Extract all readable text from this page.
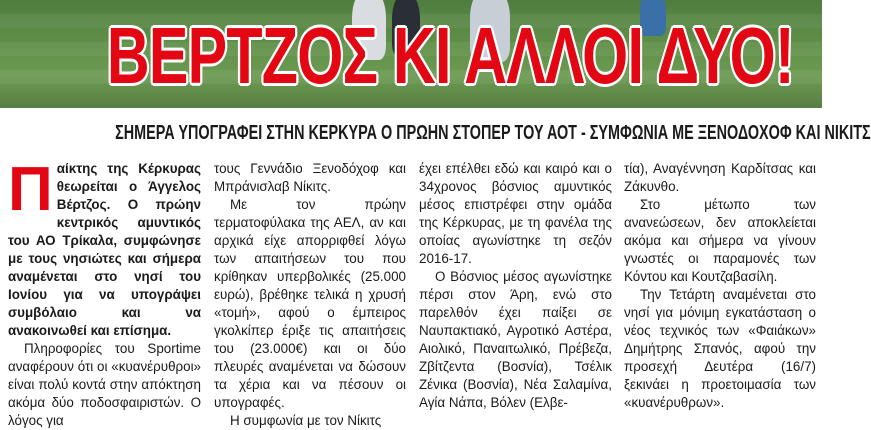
ΒΕΡΤΖΟΣ ΚΙ ΑΛΛΟΙ ΔΥΟ!
ΣΗΜΕΡΑ ΥΠΟΓΡΑΦΕΙ ΣΤΗΝ ΚΕΡΚΥΡΑ Ο ΠΡΩΗΝ ΣΤΟΠΕΡ ΤΟΥ ΑΟΤ - ΣΥΜΦΩΝΙΑ ΜΕ ΞΕΝΟΔΟΧΟΦ ΚΑΙ ΝΙΚΙΤΣ

Παίκτης της Κέρκυρας θεωρείται ο Άγγελος Βέρτζος. Ο πρώην κεντρικός αμυντικός του ΑΟ Τρίκαλα, συμφώνησε με τους νησιώτες και σήμερα αναμένεται στο νησί του Ιονίου για να υπογράψει συμβόλαιο και να ανακοινωθεί και επίσημα.

Πληροφορίες του Sportime αναφέρουν ότι οι «κυανέρυθροι» είναι πολύ κοντά στην απόκτηση ακόμα δύο ποδοσφαιριστών. Ο λόγος για

τους Γεννάδιο Ξενοδόχοφ και Μπράνισλαβ Νίκιτς.

Με τον πρώην τερματοφύλακα της ΑΕΛ, αν και αρχικά είχε απορριφθεί λόγω των απαιτήσεων του που κρίθηκαν υπερβολικές (25.000 ευρώ), βρέθηκε τελικά η χρυσή «τομή», αφού ο έμπειρος γκολκίπερ έριξε τις απαιτήσεις του (23.000€) και οι δύο πλευρές αναμένεται να δώσουν τα χέρια και να πέσουν οι υπογραφές.

Η συμφωνία με τον Νίκιτς

έχει επέλθει εδώ και καιρό και ο 34χρονος βόσνιος αμυντικός μέσος επιστρέφει στην ομάδα της Κέρκυρας, με τη φανέλα της οποίας αγωνίστηκε τη σεζόν 2016-17.

Ο Βόσνιος μέσος αγωνίστηκε πέρσι στον Άρη, ενώ στο παρελθόν έχει παίξει σε Ναυπακτιακό, Αγροτικό Αστέρα, Αιολικό, Παναιτωλικό, Πρέβεζα, Ζβίτζεντα (Βοσνία), Τσέλικ Ζένικα (Βοσνία), Νέα Σαλαμίνα, Αγία Νάπα, Βόλεν (Ελβε-

τία), Αναγέννηση Καρδίτσας και Ζάκυνθο.

Στο μέτωπο των ανανεώσεων, δεν αποκλείεται ακόμα και σήμερα να γίνουν γνωστές οι παραμονές των Κόντου και Κουτζαβασίλη.

Την Τετάρτη αναμένεται στο νησί για μόνιμη εγκατάσταση ο νέος τεχνικός των «Φαιάκων» Δημήτρης Σπανός, αφού την προσεχή Δευτέρα (16/7) ξεκινάει η προετοιμασία των «κυανέρυθρων».
